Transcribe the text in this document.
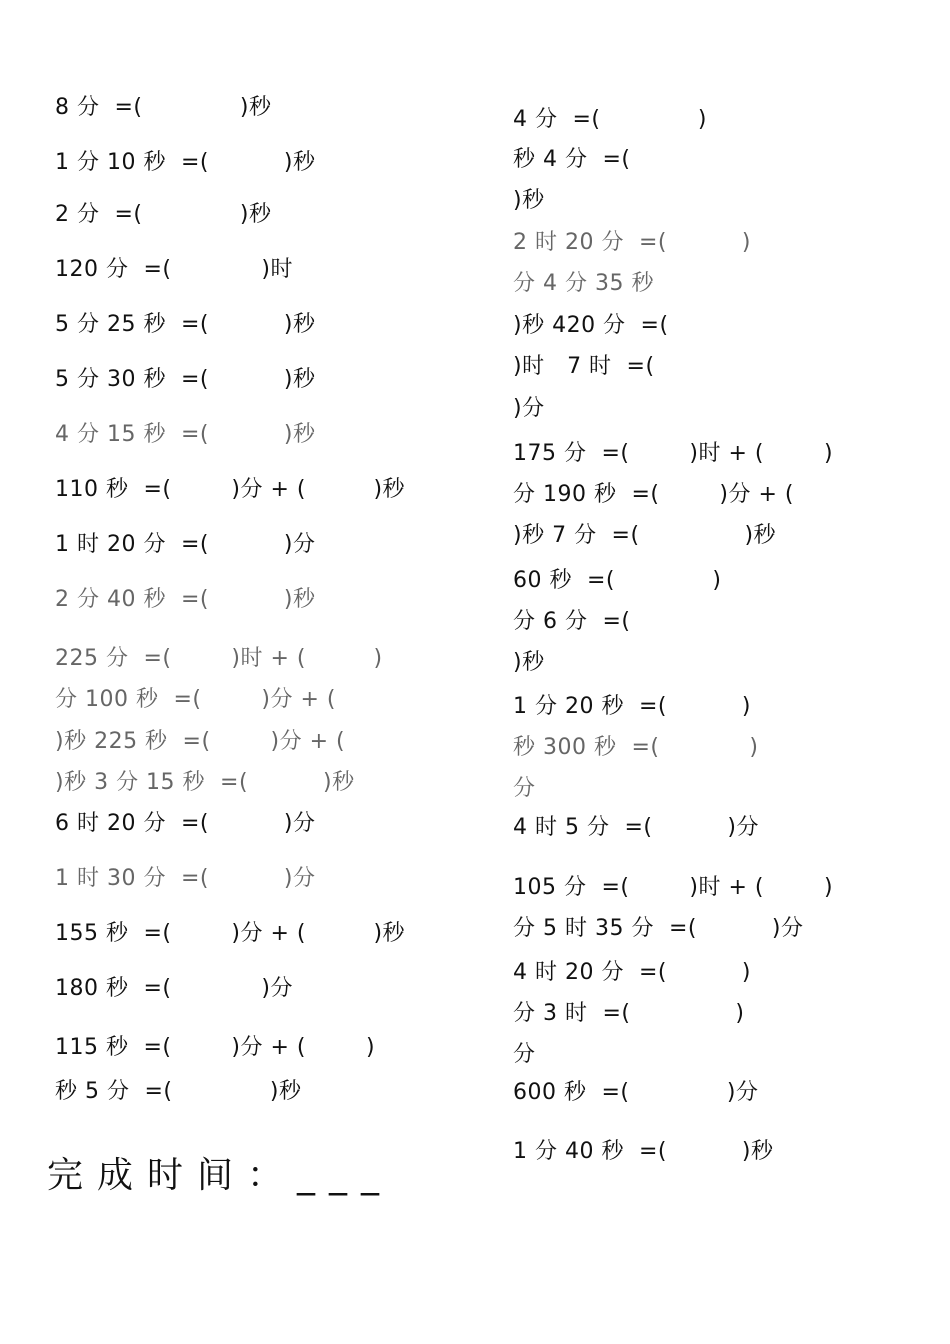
8 分  =(             )秒
1 分 10 秒  =(          )秒
2 分  =(             )秒
120 分  =(            )时
5 分 25 秒  =(          )秒
5 分 30 秒  =(          )秒
4 分 15 秒  =(          )秒
110 秒  =(        )分 + (         )秒
1 时 20 分  =(          )分
2 分 40 秒  =(          )秒
225 分  =(        )时 + (         )
分 100 秒  =(        )分 + (
)秒 225 秒  =(        )分 + (
)秒 3 分 15 秒  =(          )秒
6 时 20 分  =(          )分
1 时 30 分  =(          )分
155 秒  =(        )分 + (         )秒
180 秒  =(            )分
115 秒  =(        )分 + (        )
秒 5 分  =(             )秒
4 分  =(             )
秒 4 分  =(
)秒
2 时 20 分  =(          )
分 4 分 35 秒
)秒 420 分  =(
)时   7 时  =(
)分
175 分  =(        )时 + (        )
分 190 秒  =(        )分 + (
)秒 7 分  =(              )秒
60 秒  =(             )
分 6 分  =(
)秒
1 分 20 秒  =(          )
秒 300 秒  =(            )
分
4 时 5 分  =(          )分
105 分  =(        )时 + (        )
分 5 时 35 分  =(          )分
4 时 20 分  =(          )
分 3 时  =(              )
分
600 秒  =(             )分
1 分 40 秒  =(          )秒
完成时间：___
